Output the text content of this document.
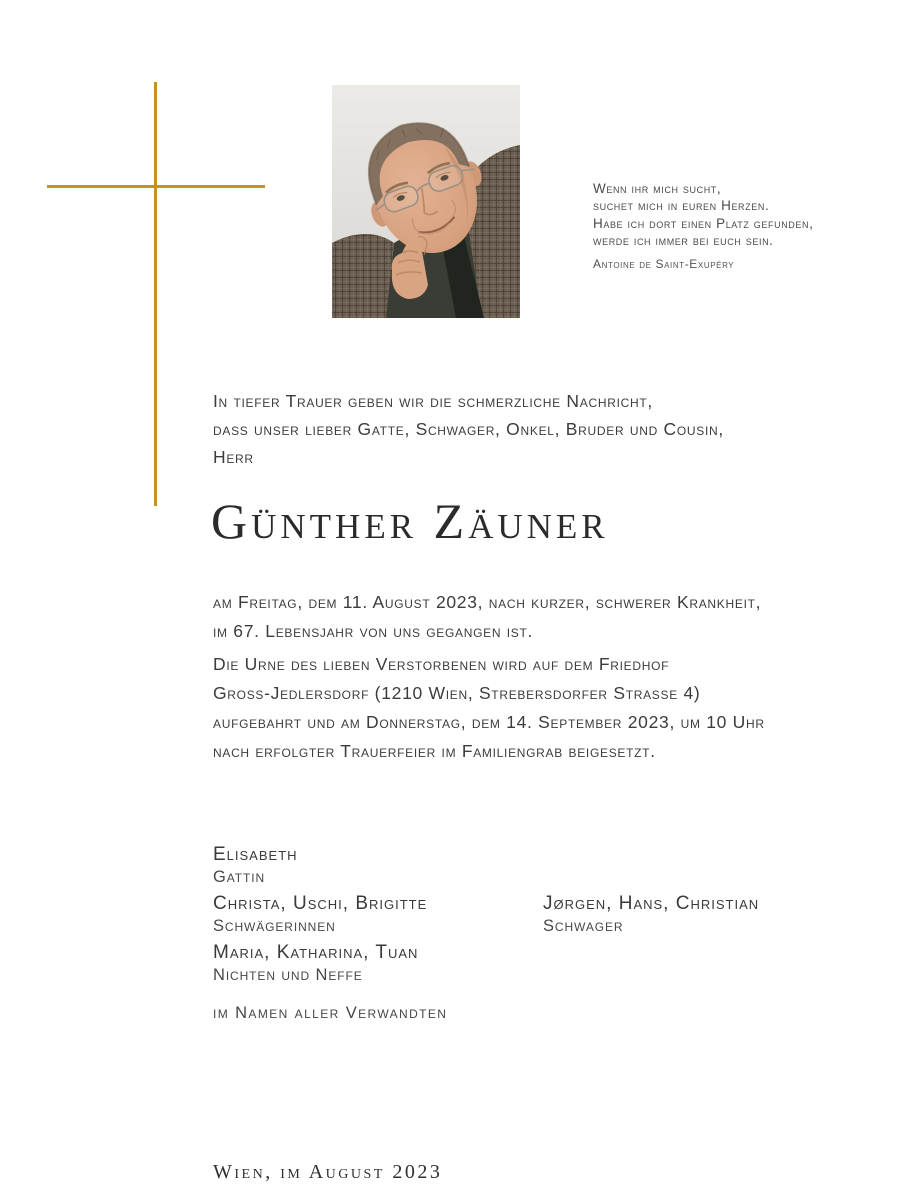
Wenn ihr mich sucht,
suchet mich in euren Herzen.
Habe ich dort einen Platz gefunden,
werde ich immer bei euch sein.
Antoine de Saint-Exupéry
In tiefer Trauer geben wir die schmerzliche Nachricht,
dass unser lieber Gatte, Schwager, Onkel, Bruder und Cousin,
Herr
Günther Zäuner
am Freitag, dem 11. August 2023, nach kurzer, schwerer Krankheit,
im 67. Lebensjahr von uns gegangen ist.
Die Urne des lieben Verstorbenen wird auf dem Friedhof
Gross-Jedlersdorf (1210 Wien, Strebersdorfer Strasse 4)
aufgebahrt und am Donnerstag, dem 14. September 2023, um 10 Uhr
nach erfolgter Trauerfeier im Familiengrab beigesetzt.
Elisabeth
Gattin
Christa, Uschi, Brigitte
Schwägerinnen
Jørgen, Hans, Christian
Schwager
Maria, Katharina, Tuan
Nichten und Neffe
im Namen aller Verwandten
Wien, im August 2023
